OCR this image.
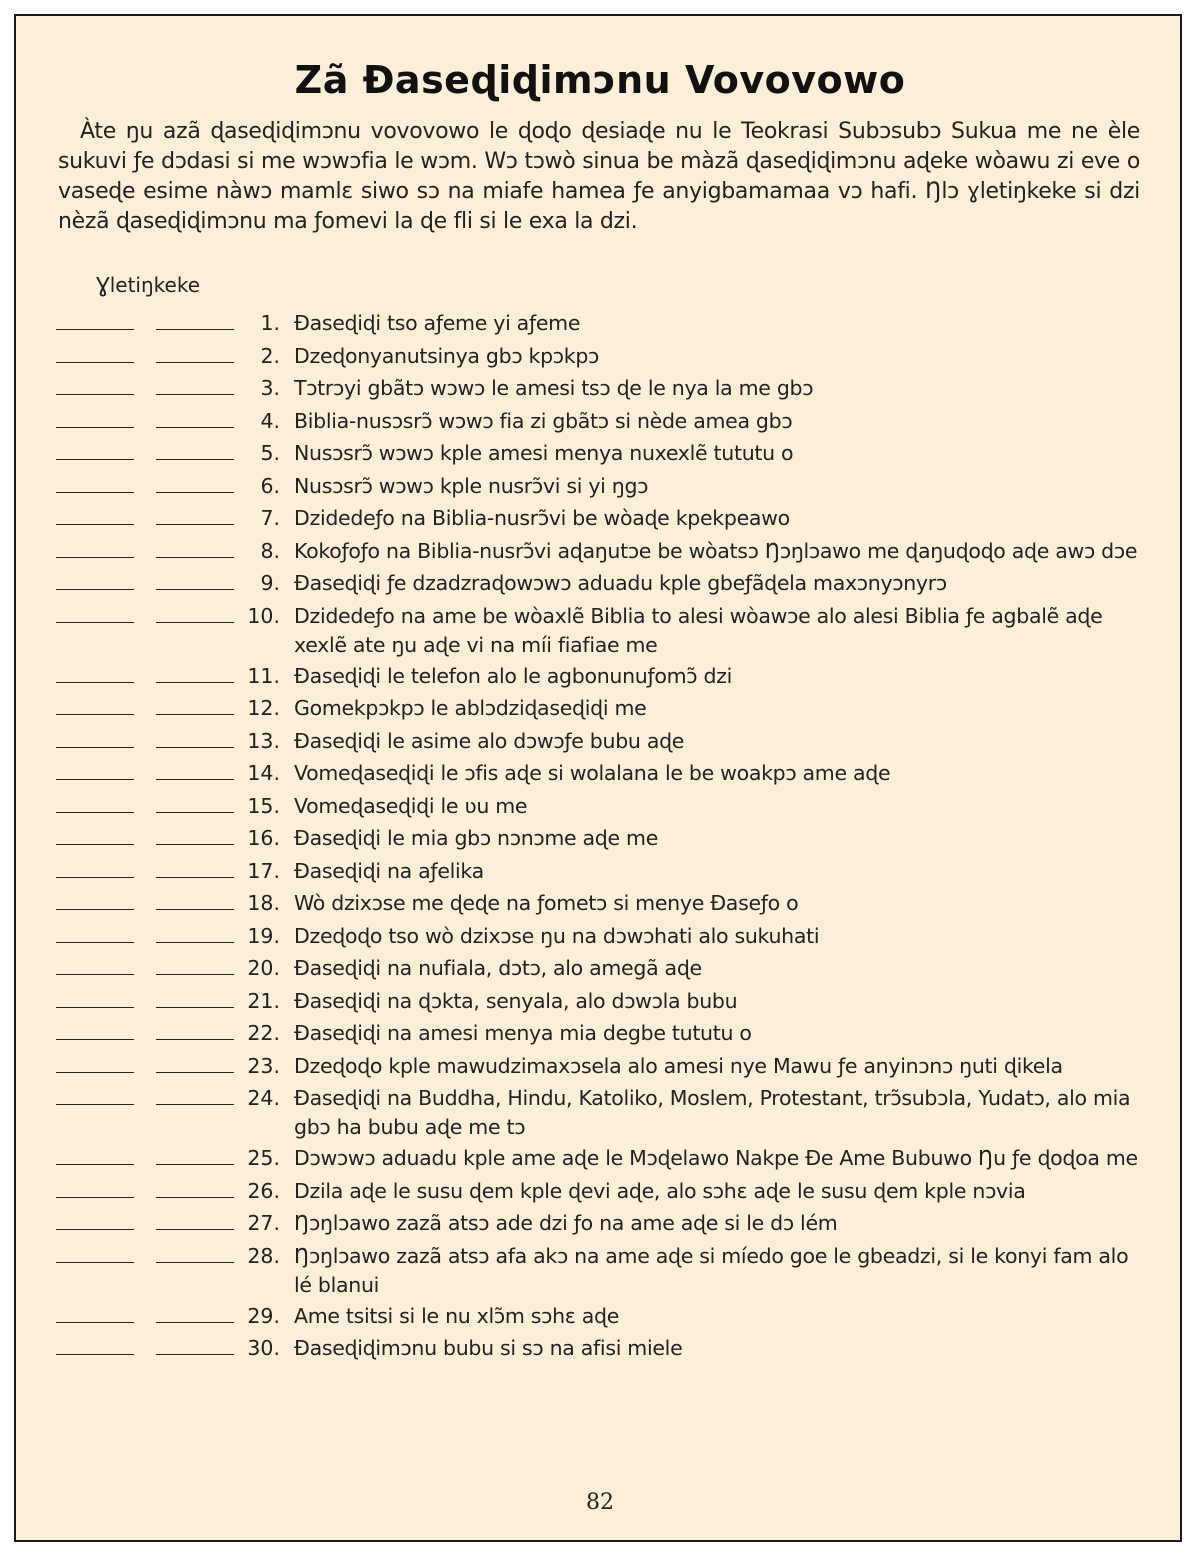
Zã Ɖaseɖiɖimɔnu Vovovowo

Àte ŋu azã ɖaseɖiɖimɔnu vovovowo le ɖoɖo ɖesiaɖe nu le Teokrasi Subɔsubɔ Sukua me ne èle sukuvi ƒe dɔdasi si me wɔwɔfia le wɔm. Wɔ tɔwò sinua be màzã ɖaseɖiɖimɔnu aɖeke wòawu zi eve o vaseɖe esime nàwɔ mamlɛ siwo sɔ na miafe hamea ƒe anyigbamamaa vɔ hafi. Ŋlɔ ɣletiŋkeke si dzi nèzã ɖaseɖiɖimɔnu ma ƒomevi la ɖe fli si le exa la dzi.

Ɣletiŋkeke
1. Ɖaseɖiɖi tso aƒeme yi aƒeme
2. Dzeɖonyanutsinya gbɔ kpɔkpɔ
3. Tɔtrɔyi gbãtɔ wɔwɔ le amesi tsɔ ɖe le nya la me gbɔ
4. Biblia-nusɔsrɔ̃ wɔwɔ fia zi gbãtɔ si nède amea gbɔ
5. Nusɔsrɔ̃ wɔwɔ kple amesi menya nuxexlẽ tututu o
6. Nusɔsrɔ̃ wɔwɔ kple nusrɔ̃vi si yi ŋgɔ
7. Dzidedeƒo na Biblia-nusrɔ̃vi be wòaɖe kpekpeawo
8. Kokoƒoƒo na Biblia-nusrɔ̃vi aɖaŋutɔe be wòatsɔ Ŋɔŋlɔawo me ɖaŋuɖoɖo aɖe awɔ dɔe
9. Ɖaseɖiɖi ƒe dzadzraɖowɔwɔ aduadu kple gbeƒãɖela maxɔnyɔnyrɔ
10. Dzidedeƒo na ame be wòaxlẽ Biblia to alesi wòawɔe alo alesi Biblia ƒe agbalẽ aɖe xexlẽ ate ŋu aɖe vi na míi fiafiae me
11. Ɖaseɖiɖi le telefon alo le agbonunuƒomɔ̃ dzi
12. Gomekpɔkpɔ le ablɔdziɖaseɖiɖi me
13. Ɖaseɖiɖi le asime alo dɔwɔƒe bubu aɖe
14. Vomeɖaseɖiɖi le ɔfis aɖe si wolalana le be woakpɔ ame aɖe
15. Vomeɖaseɖiɖi le ʋu me
16. Ɖaseɖiɖi le mia gbɔ nɔnɔme aɖe me
17. Ɖaseɖiɖi na aƒelika
18. Wò dzixɔse me ɖeɖe na ƒometɔ si menye Ɖaseƒo o
19. Dzeɖoɖo tso wò dzixɔse ŋu na dɔwɔhati alo sukuhati
20. Ɖaseɖiɖi na nufiala, dɔtɔ, alo amegã aɖe
21. Ɖaseɖiɖi na ɖɔkta, senyala, alo dɔwɔla bubu
22. Ɖaseɖiɖi na amesi menya mia degbe tututu o
23. Dzeɖoɖo kple mawudzimaxɔsela alo amesi nye Mawu ƒe anyinɔnɔ ŋuti ɖikela
24. Ɖaseɖiɖi na Buddha, Hindu, Katoliko, Moslem, Protestant, trɔ̃subɔla, Yudatɔ, alo mia gbɔ ha bubu aɖe me tɔ
25. Dɔwɔwɔ aduadu kple ame aɖe le Mɔɖelawo Nakpe Ɖe Ame Bubuwo Ŋu ƒe ɖoɖoa me
26. Dzila aɖe le susu ɖem kple ɖevi aɖe, alo sɔhɛ aɖe le susu ɖem kple nɔvia
27. Ŋɔŋlɔawo zazã atsɔ ade dzi ƒo na ame aɖe si le dɔ lém
28. Ŋɔŋlɔawo zazã atsɔ afa akɔ na ame aɖe si míedo goe le gbeadzi, si le konyi fam alo lé blanui
29. Ame tsitsi si le nu xlɔ̃m sɔhɛ aɖe
30. Ɖaseɖiɖimɔnu bubu si sɔ na afisi miele
82
